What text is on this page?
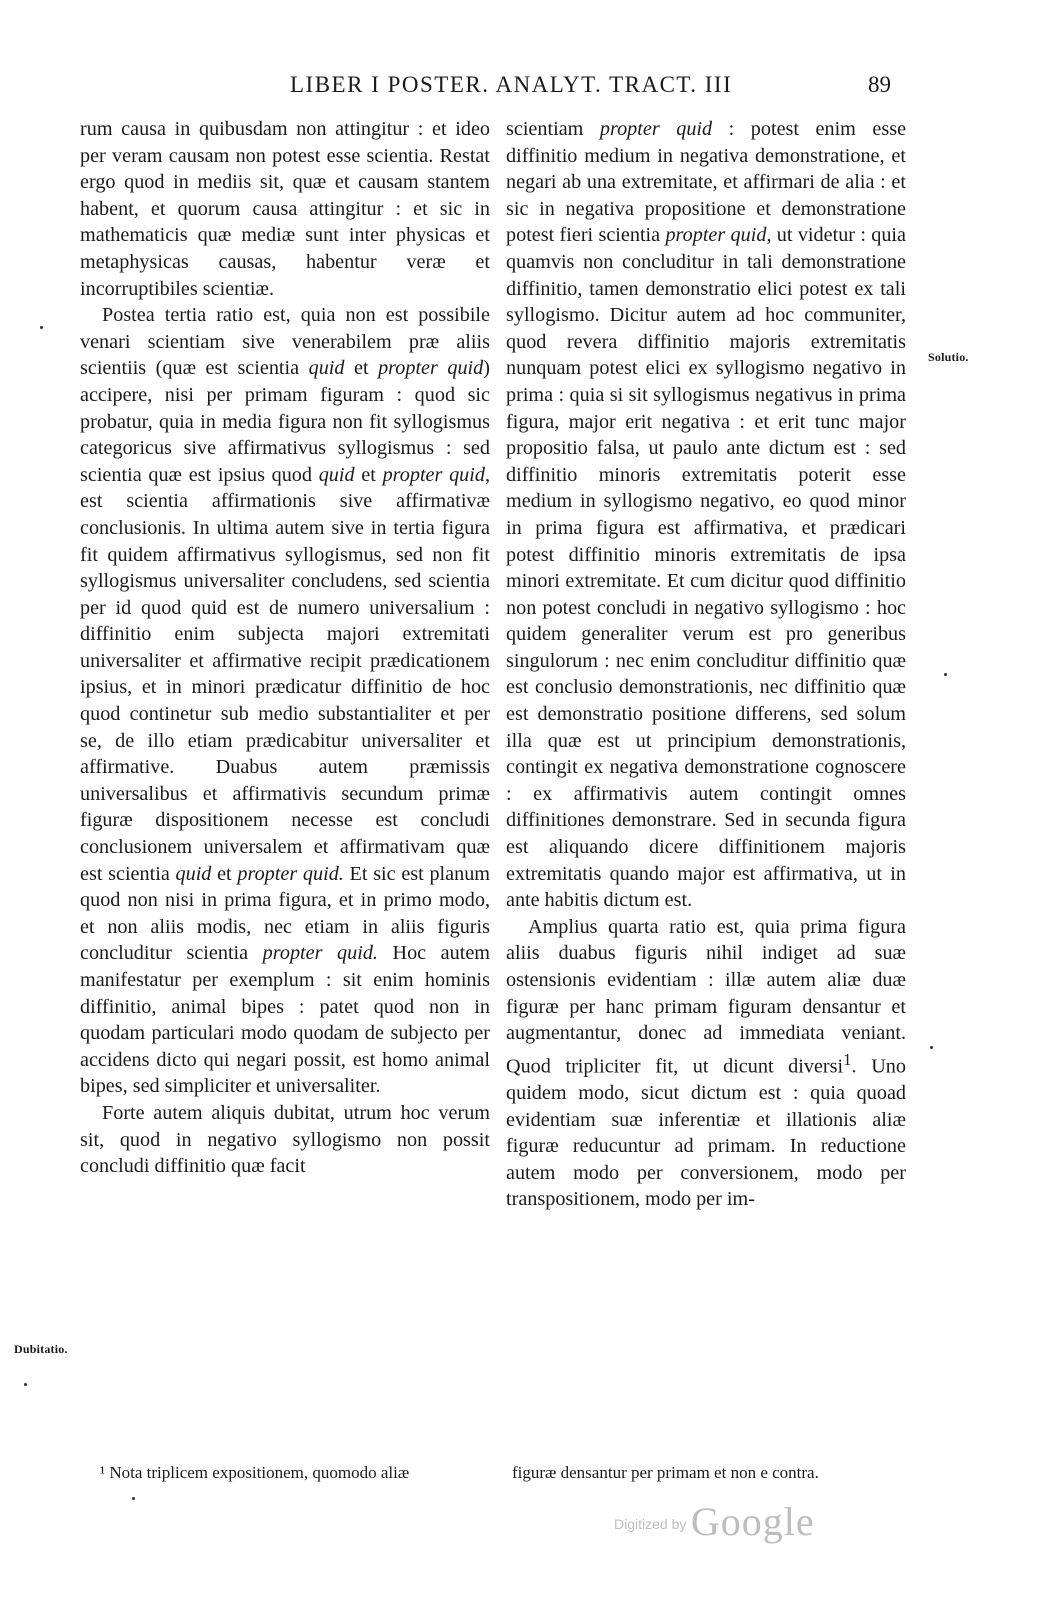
LIBER I POSTER. ANALYT. TRACT. III	89

rum causa in quibusdam non attingitur : et ideo per veram causam non potest esse scientia. Restat ergo quod in mediis sit, quæ et causam stantem habent, et quorum causa attingitur : et sic in mathematicis quæ mediæ sunt inter physicas et metaphysicas causas, habentur veræ et incorruptibiles scientiæ.

Postea tertia ratio est, quia non est possibile venari scientiam sive venerabilem præ aliis scientiis (quæ est scientia quid et propter quid) accipere, nisi per primam figuram : quod sic probatur, quia in media figura non fit syllogismus categoricus sive affirmativus syllogismus : sed scientia quæ est ipsius quod quid et propter quid, est scientia affirmationis sive affirmativæ conclusionis. In ultima autem sive in tertia figura fit quidem affirmativus syllogismus, sed non fit syllogismus universaliter concludens, sed scientia per id quod quid est de numero universalium : diffinitio enim subjecta majori extremitati universaliter et affirmative recipit prædicationem ipsius, et in minori prædicatur diffinitio de hoc quod continetur sub medio substantialiter et per se, de illo etiam prædicabitur universaliter et affirmative. Duabus autem præmissis universalibus et affirmativis secundum primæ figuræ dispositionem necesse est concludi conclusionem universalem et affirmativam quæ est scientia quid et propter quid. Et sic est planum quod non nisi in prima figura, et in primo modo, et non aliis modis, nec etiam in aliis figuris concluditur scientia propter quid. Hoc autem manifestatur per exemplum : sit enim hominis diffinitio, animal bipes : patet quod non in quodam particulari modo quodam de subjecto per accidens dicto qui negari possit, est homo animal bipes, sed simpliciter et universaliter.

Forte autem aliquis dubitat, utrum hoc verum sit, quod in negativo syllogismo non possit concludi diffinitio quæ facit

scientiam propter quid : potest enim esse diffinitio medium in negativa demonstratione, et negari ab una extremitate, et affirmari de alia : et sic in negativa propositione et demonstratione potest fieri scientia propter quid, ut videtur : quia quamvis non concluditur in tali demonstratione diffinitio, tamen demonstratio elici potest ex tali syllogismo. Dicitur autem ad hoc communiter, quod revera diffinitio majoris extremitatis nunquam potest elici ex syllogismo negativo in prima : quia si sit syllogismus negativus in prima figura, major erit negativa : et erit tunc major propositio falsa, ut paulo ante dictum est : sed diffinitio minoris extremitatis poterit esse medium in syllogismo negativo, eo quod minor in prima figura est affirmativa, et prædicari potest diffinitio minoris extremitatis de ipsa minori extremitate. Et cum dicitur quod diffinitio non potest concludi in negativo syllogismo : hoc quidem generaliter verum est pro generibus singulorum : nec enim concluditur diffinitio quæ est conclusio demonstrationis, nec diffinitio quæ est demonstratio positione differens, sed solum illa quæ est ut principium demonstrationis, contingit ex negativa demonstratione cognoscere : ex affirmativis autem contingit omnes diffinitiones demonstrare. Sed in secunda figura est aliquando dicere diffinitionem majoris extremitatis quando major est affirmativa, ut in ante habitis dictum est.

Amplius quarta ratio est, quia prima figura aliis duabus figuris nihil indiget ad suæ ostensionis evidentiam : illæ autem aliæ duæ figuræ per hanc primam figuram densantur et augmentantur, donec ad immediata veniant. Quod tripliciter fit, ut dicunt diversi$^1$. Uno quidem modo, sicut dictum est : quia quoad evidentiam suæ inferentiæ et illationis aliæ figuræ reducuntur ad primam. In reductione autem modo per conversionem, modo per transpositionem, modo per im-

Solutio.
Dubitatio.
¹ Nota triplicem expositionem, quomodo aliæ	figuræ densantur per primam et non e contra.
Digitized by Google
